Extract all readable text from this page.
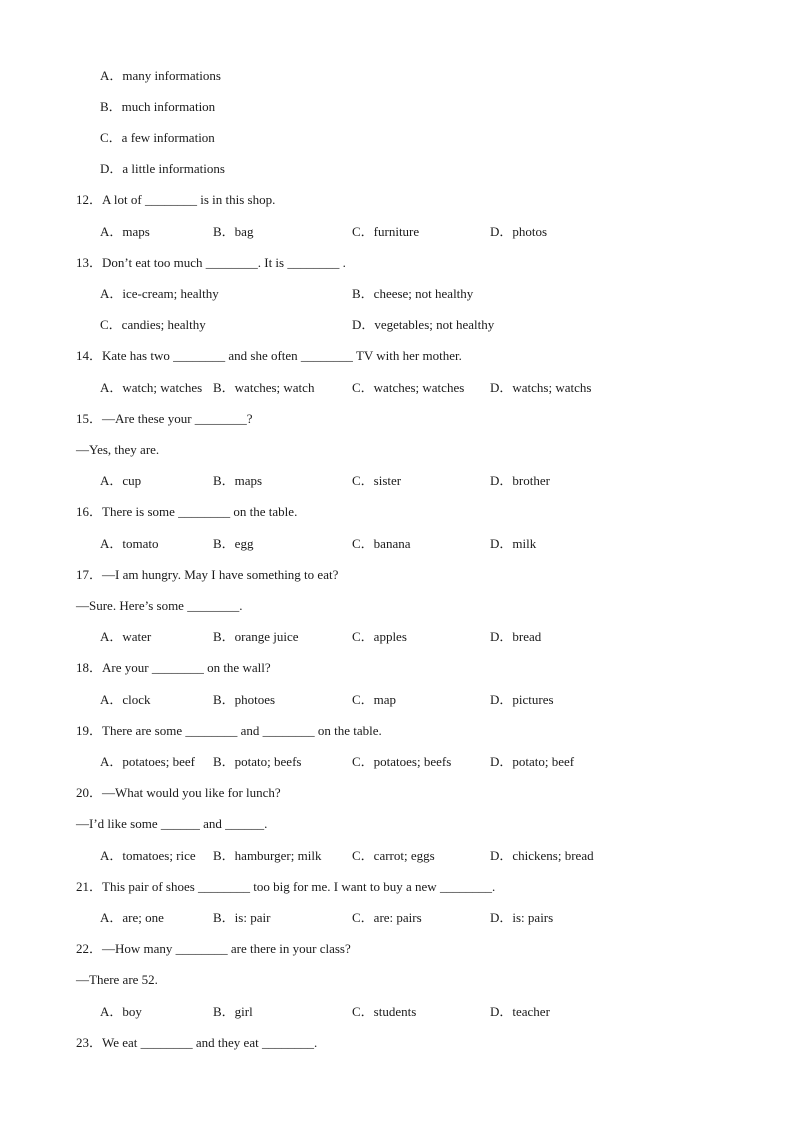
A．many informations
B．much information
C．a few information
D．a little informations
12．A lot of ________ is in this shop.
A．maps	B．bag	C．furniture	D．photos
13．Don’t eat too much ________. It is ________ .
A．ice-cream; healthy	B．cheese; not healthy
C．candies; healthy	D．vegetables; not healthy
14．Kate has two ________ and she often ________ TV with her mother.
A．watch; watches B．watches; watch	C．watches; watches D．watchs; watchs
15．—Are these your ________?
—Yes, they are.
A．cup	B．maps	C．sister	D．brother
16．There is some ________ on the table.
A．tomato	B．egg	C．banana	D．milk
17．—I am hungry. May I have something to eat?
—Sure. Here’s some ________.
A．water	B．orange juice	C．apples	D．bread
18．Are your ________ on the wall?
A．clock	B．photoes	C．map	D．pictures
19．There are some ________ and ________ on the table.
A．potatoes; beef B．potato; beefs	C．potatoes; beefs	D．potato; beef
20．—What would you like for lunch?
—I’d like some ______ and ______.
A．tomatoes; rice B．hamburger; milk C．carrot; eggs	D．chickens; bread
21．This pair of shoes ________ too big for me. I want to buy a new ________.
A．are; one	B．is: pair	C．are: pairs	D．is: pairs
22．—How many ________ are there in your class?
—There are 52.
A．boy	B．girl	C．students	D．teacher
23．We eat ________ and they eat ________.
